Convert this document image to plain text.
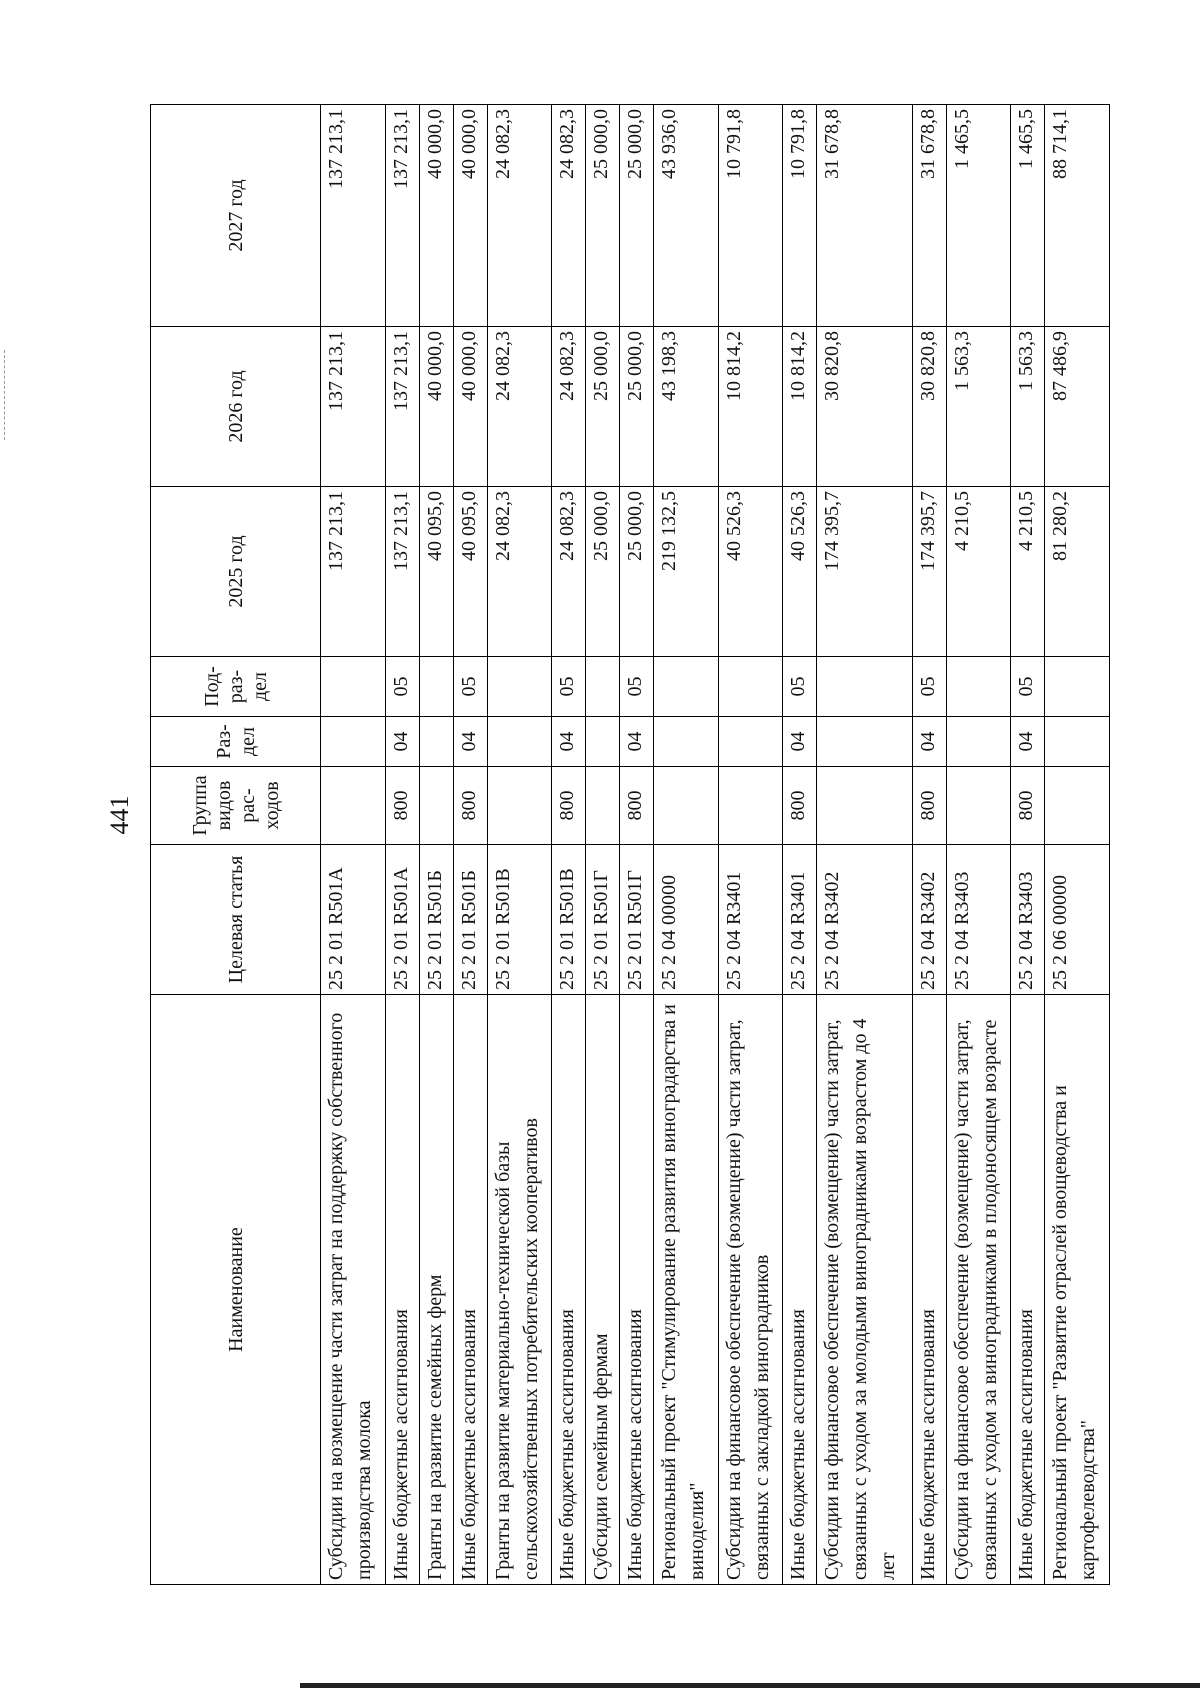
441
Наименование	Целевая статья	Группа видов рас-ходов	Раз-дел	Под-раз-дел	2025 год	2026 год	2027 год
Субсидии на возмещение части затрат на поддержку собственного производства молока	25 2 01 R501A				137 213,1	137 213,1	137 213,1
Иные бюджетные ассигнования	25 2 01 R501A	800	04	05	137 213,1	137 213,1	137 213,1
Гранты на развитие семейных ферм	25 2 01 R501Б				40 095,0	40 000,0	40 000,0
Иные бюджетные ассигнования	25 2 01 R501Б	800	04	05	40 095,0	40 000,0	40 000,0
Гранты на развитие материально-технической базы сельскохозяйственных потребительских кооперативов	25 2 01 R501В				24 082,3	24 082,3	24 082,3
Иные бюджетные ассигнования	25 2 01 R501В	800	04	05	24 082,3	24 082,3	24 082,3
Субсидии семейным фермам	25 2 01 R501Г				25 000,0	25 000,0	25 000,0
Иные бюджетные ассигнования	25 2 01 R501Г	800	04	05	25 000,0	25 000,0	25 000,0
Региональный проект "Стимулирование развития виноградарства и виноделия"	25 2 04 00000				219 132,5	43 198,3	43 936,0
Субсидии на финансовое обеспечение (возмещение) части затрат, связанных с закладкой виноградников	25 2 04 R3401				40 526,3	10 814,2	10 791,8
Иные бюджетные ассигнования	25 2 04 R3401	800	04	05	40 526,3	10 814,2	10 791,8
Субсидии на финансовое обеспечение (возмещение) части затрат, связанных с уходом за молодыми виноградниками возрастом до 4 лет	25 2 04 R3402				174 395,7	30 820,8	31 678,8
Иные бюджетные ассигнования	25 2 04 R3402	800	04	05	174 395,7	30 820,8	31 678,8
Субсидии на финансовое обеспечение (возмещение) части затрат, связанных с уходом за виноградниками в плодоносящем возрасте	25 2 04 R3403				4 210,5	1 563,3	1 465,5
Иные бюджетные ассигнования	25 2 04 R3403	800	04	05	4 210,5	1 563,3	1 465,5
Региональный проект "Развитие отраслей овощеводства и картофелеводства"	25 2 06 00000				81 280,2	87 486,9	88 714,1
